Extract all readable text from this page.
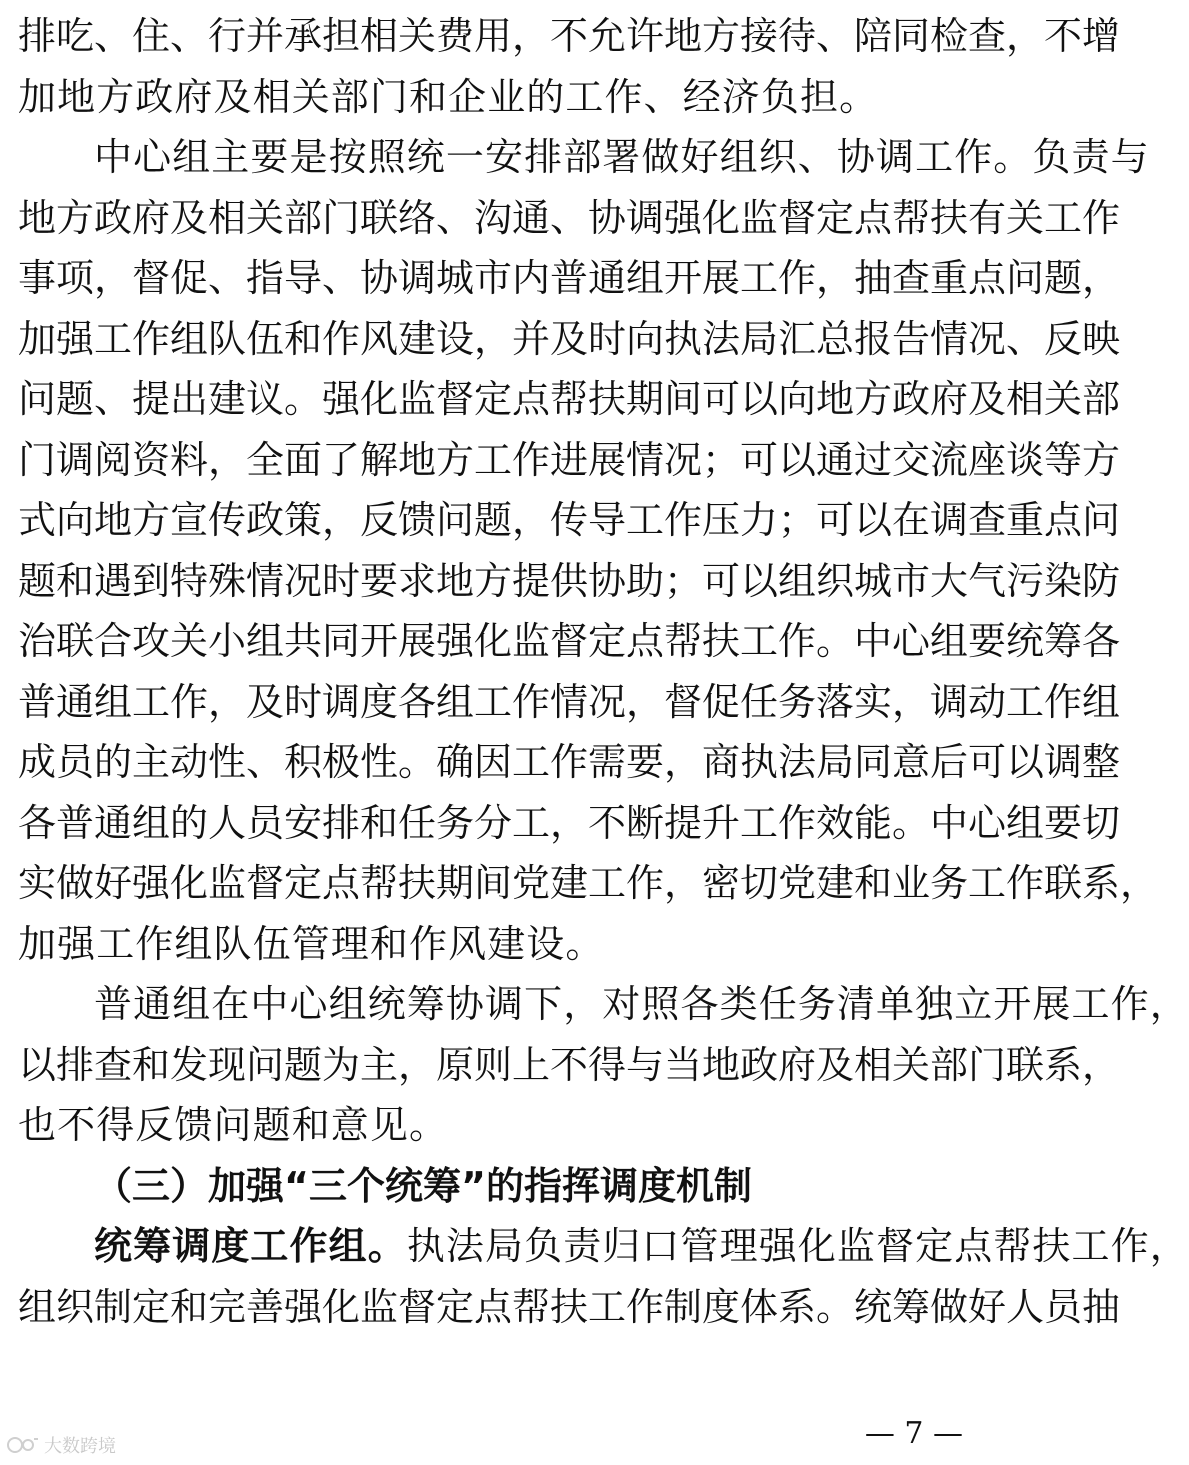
排吃、住、行并承担相关费用，不允许地方接待、陪同检查，不增
加地方政府及相关部门和企业的工作、经济负担。
中心组主要是按照统一安排部署做好组织、协调工作。负责与
地方政府及相关部门联络、沟通、协调强化监督定点帮扶有关工作
事项，督促、指导、协调城市内普通组开展工作，抽查重点问题，
加强工作组队伍和作风建设，并及时向执法局汇总报告情况、反映
问题、提出建议。强化监督定点帮扶期间可以向地方政府及相关部
门调阅资料，全面了解地方工作进展情况；可以通过交流座谈等方
式向地方宣传政策，反馈问题，传导工作压力；可以在调查重点问
题和遇到特殊情况时要求地方提供协助；可以组织城市大气污染防
治联合攻关小组共同开展强化监督定点帮扶工作。中心组要统筹各
普通组工作，及时调度各组工作情况，督促任务落实，调动工作组
成员的主动性、积极性。确因工作需要，商执法局同意后可以调整
各普通组的人员安排和任务分工，不断提升工作效能。中心组要切
实做好强化监督定点帮扶期间党建工作，密切党建和业务工作联系，
加强工作组队伍管理和作风建设。
普通组在中心组统筹协调下，对照各类任务清单独立开展工作，
以排查和发现问题为主，原则上不得与当地政府及相关部门联系，
也不得反馈问题和意见。
（三）加强“三个统筹”的指挥调度机制
统筹调度工作组。执法局负责归口管理强化监督定点帮扶工作，
组织制定和完善强化监督定点帮扶工作制度体系。统筹做好人员抽
— 7 —
大数跨境
